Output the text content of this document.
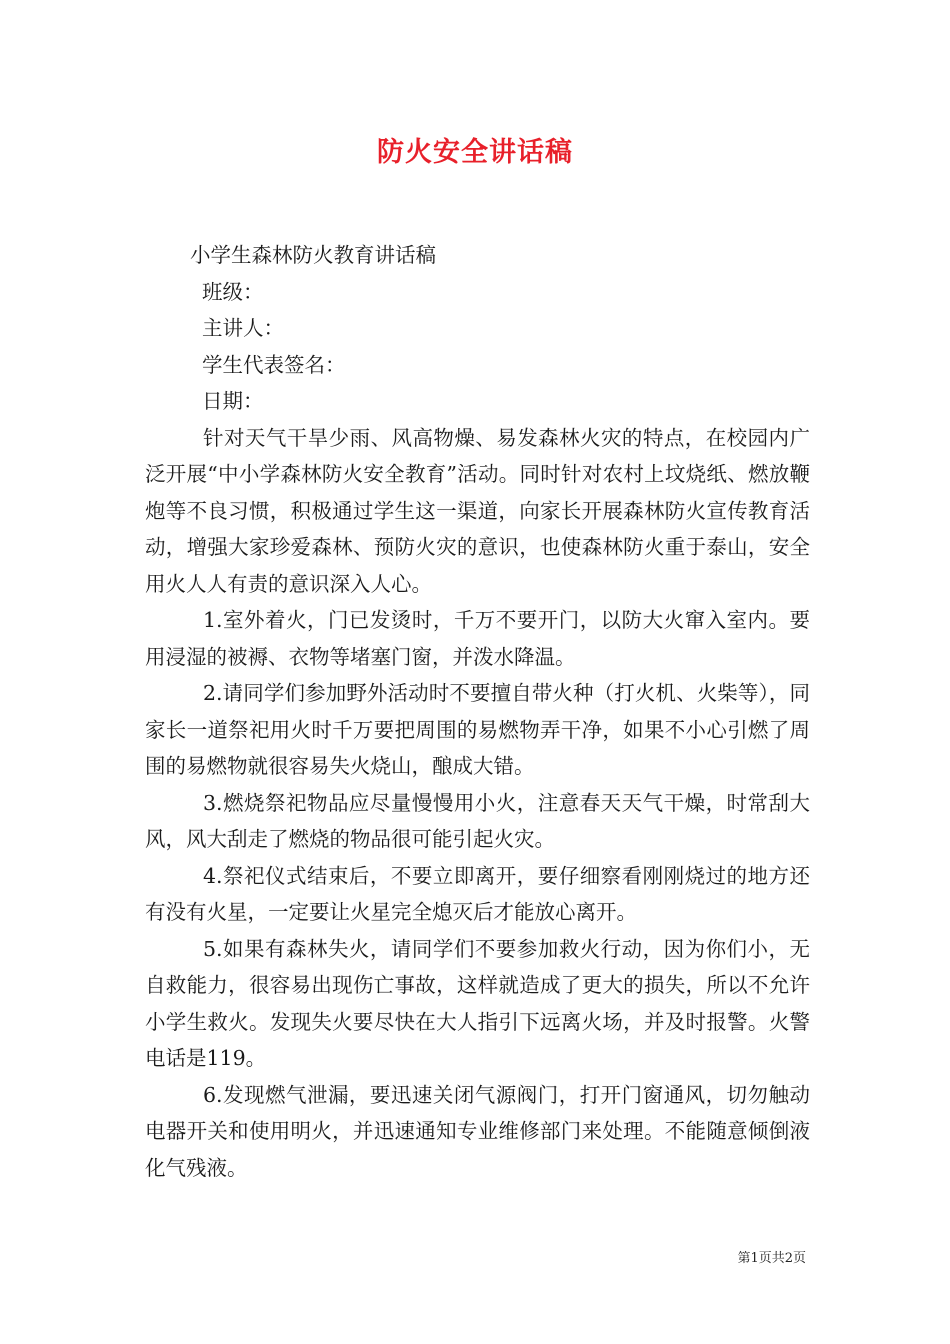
防火安全讲话稿

小学生森林防火教育讲话稿

班级：

主讲人：

学生代表签名：

日期：

针对天气干旱少雨、风高物燥、易发森林火灾的特点，在校园内广泛开展“中小学森林防火安全教育”活动。同时针对农村上坟烧纸、燃放鞭炮等不良习惯，积极通过学生这一渠道，向家长开展森林防火宣传教育活动，增强大家珍爱森林、预防火灾的意识，也使森林防火重于泰山，安全用火人人有责的意识深入人心。

1.室外着火，门已发烫时，千万不要开门，以防大火窜入室内。要用浸湿的被褥、衣物等堵塞门窗，并泼水降温。

2.请同学们参加野外活动时不要擅自带火种（打火机、火柴等），同家长一道祭祀用火时千万要把周围的易燃物弄干净，如果不小心引燃了周围的易燃物就很容易失火烧山，酿成大错。

3.燃烧祭祀物品应尽量慢慢用小火，注意春天天气干燥，时常刮大风，风大刮走了燃烧的物品很可能引起火灾。

4.祭祀仪式结束后，不要立即离开，要仔细察看刚刚烧过的地方还有没有火星，一定要让火星完全熄灭后才能放心离开。

5.如果有森林失火，请同学们不要参加救火行动，因为你们小，无自救能力，很容易出现伤亡事故，这样就造成了更大的损失，所以不允许小学生救火。发现失火要尽快在大人指引下远离火场，并及时报警。火警电话是119。

6.发现燃气泄漏，要迅速关闭气源阀门，打开门窗通风，切勿触动电器开关和使用明火，并迅速通知专业维修部门来处理。不能随意倾倒液化气残液。

第1页共2页
